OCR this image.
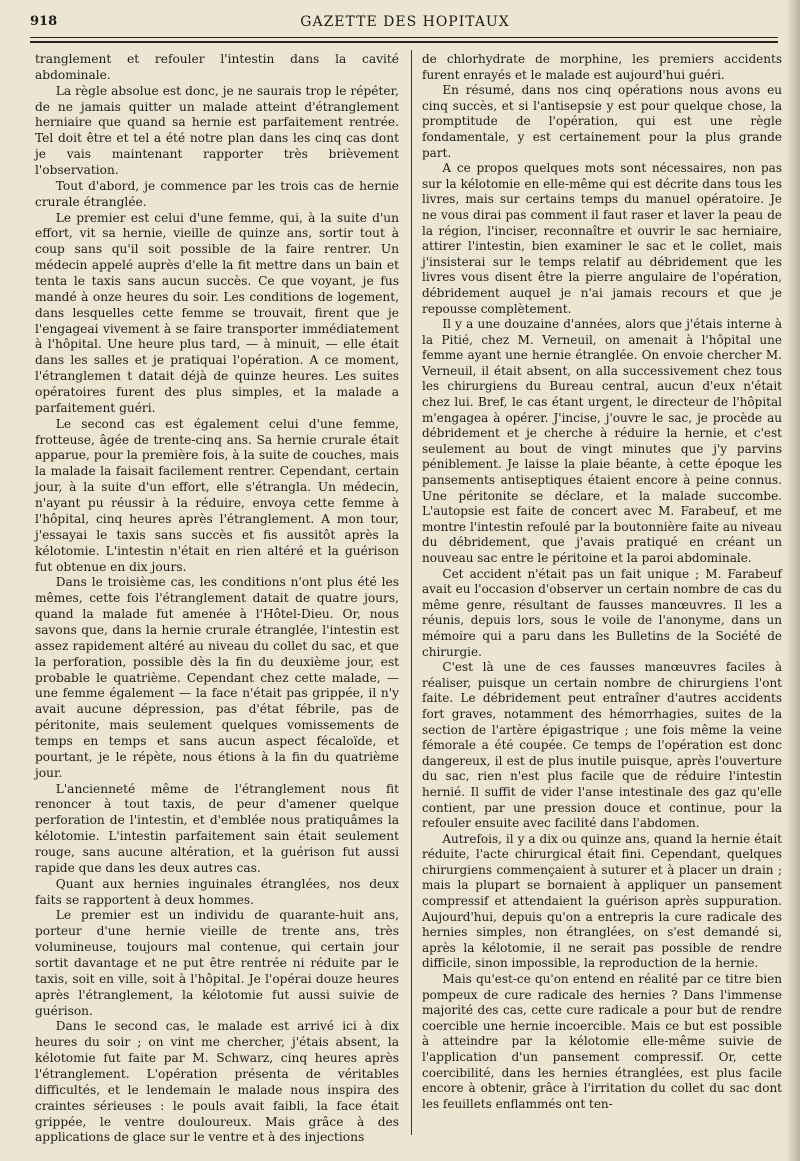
918	GAZETTE DES HOPITAUX

tranglement et refouler l'intestin dans la cavité abdominale.

La règle absolue est donc, je ne saurais trop le répéter, de ne jamais quitter un malade atteint d'étranglement herniaire que quand sa hernie est parfaitement rentrée. Tel doit être et tel a été notre plan dans les cinq cas dont je vais maintenant rapporter très brièvement l'observation.

Tout d'abord, je commence par les trois cas de hernie crurale étranglée.

Le premier est celui d'une femme, qui, à la suite d'un effort, vit sa hernie, vieille de quinze ans, sortir tout à coup sans qu'il soit possible de la faire rentrer. Un médecin appelé auprès d'elle la fit mettre dans un bain et tenta le taxis sans aucun succès. Ce que voyant, je fus mandé à onze heures du soir. Les conditions de logement, dans lesquelles cette femme se trouvait, firent que je l'engageai vivement à se faire transporter immédiatement à l'hôpital. Une heure plus tard, — à minuit, — elle était dans les salles et je pratiquai l'opération. A ce moment, l'étranglemen t datait déjà de quinze heures. Les suites opératoires furent des plus simples, et la malade a parfaitement guéri.

Le second cas est également celui d'une femme, frotteuse, âgée de trente-cinq ans. Sa hernie crurale était apparue, pour la première fois, à la suite de couches, mais la malade la faisait facilement rentrer. Cependant, certain jour, à la suite d'un effort, elle s'étrangla. Un médecin, n'ayant pu réussir à la réduire, envoya cette femme à l'hôpital, cinq heures après l'étranglement. A mon tour, j'essayai le taxis sans succès et fis aussitôt après la kélotomie. L'intestin n'était en rien altéré et la guérison fut obtenue en dix jours.

Dans le troisième cas, les conditions n'ont plus été les mêmes, cette fois l'étranglement datait de quatre jours, quand la malade fut amenée à l'Hôtel-Dieu. Or, nous savons que, dans la hernie crurale étranglée, l'intestin est assez rapidement altéré au niveau du collet du sac, et que la perforation, possible dès la fin du deuxième jour, est probable le quatrième. Cependant chez cette malade, — une femme également — la face n'était pas grippée, il n'y avait aucune dépression, pas d'état fébrile, pas de péritonite, mais seulement quelques vomissements de temps en temps et sans aucun aspect fécaloïde, et pourtant, je le répète, nous étions à la fin du quatrième jour.

L'ancienneté même de l'étranglement nous fit renoncer à tout taxis, de peur d'amener quelque perforation de l'intestin, et d'emblée nous pratiquâmes la kélotomie. L'intestin parfaitement sain était seulement rouge, sans aucune altération, et la guérison fut aussi rapide que dans les deux autres cas.

Quant aux hernies inguinales étranglées, nos deux faits se rapportent à deux hommes.

Le premier est un individu de quarante-huit ans, porteur d'une hernie vieille de trente ans, très volumineuse, toujours mal contenue, qui certain jour sortit davantage et ne put être rentrée ni réduite par le taxis, soit en ville, soit à l'hôpital. Je l'opérai douze heures après l'étranglement, la kélotomie fut aussi suivie de guérison.

Dans le second cas, le malade est arrivé ici à dix heures du soir ; on vint me chercher, j'étais absent, la kélotomie fut faite par M. Schwarz, cinq heures après l'étranglement. L'opération présenta de véritables difficultés, et le lendemain le malade nous inspira des craintes sérieuses : le pouls avait faibli, la face était grippée, le ventre douloureux. Mais grâce à des applications de glace sur le ventre et à des injections

de chlorhydrate de morphine, les premiers accidents furent enrayés et le malade est aujourd'hui guéri.

En résumé, dans nos cinq opérations nous avons eu cinq succès, et si l'antisepsie y est pour quelque chose, la promptitude de l'opération, qui est une règle fondamentale, y est certainement pour la plus grande part.

A ce propos quelques mots sont nécessaires, non pas sur la kélotomie en elle-même qui est décrite dans tous les livres, mais sur certains temps du manuel opératoire. Je ne vous dirai pas comment il faut raser et laver la peau de la région, l'inciser, reconnaître et ouvrir le sac herniaire, attirer l'intestin, bien examiner le sac et le collet, mais j'insisterai sur le temps relatif au débridement que les livres vous disent être la pierre angulaire de l'opération, débridement auquel je n'ai jamais recours et que je repousse complètement.

Il y a une douzaine d'années, alors que j'étais interne à la Pitié, chez M. Verneuil, on amenait à l'hôpital une femme ayant une hernie étranglée. On envoie chercher M. Verneuil, il était absent, on alla successivement chez tous les chirurgiens du Bureau central, aucun d'eux n'était chez lui. Bref, le cas étant urgent, le directeur de l'hôpital m'engagea à opérer. J'incise, j'ouvre le sac, je procède au débridement et je cherche à réduire la hernie, et c'est seulement au bout de vingt minutes que j'y parvins péniblement. Je laisse la plaie béante, à cette époque les pansements antiseptiques étaient encore à peine connus. Une péritonite se déclare, et la malade succombe. L'autopsie est faite de concert avec M. Farabeuf, et me montre l'intestin refoulé par la boutonnière faite au niveau du débridement, que j'avais pratiqué en créant un nouveau sac entre le péritoine et la paroi abdominale.

Cet accident n'était pas un fait unique ; M. Farabeuf avait eu l'occasion d'observer un certain nombre de cas du même genre, résultant de fausses manœuvres. Il les a réunis, depuis lors, sous le voile de l'anonyme, dans un mémoire qui a paru dans les Bulletins de la Société de chirurgie.

C'est là une de ces fausses manœuvres faciles à réaliser, puisque un certain nombre de chirurgiens l'ont faite. Le débridement peut entraîner d'autres accidents fort graves, notamment des hémorrhagies, suites de la section de l'artère épigastrique ; une fois même la veine fémorale a été coupée. Ce temps de l'opération est donc dangereux, il est de plus inutile puisque, après l'ouverture du sac, rien n'est plus facile que de réduire l'intestin hernié. Il suffit de vider l'anse intestinale des gaz qu'elle contient, par une pression douce et continue, pour la refouler ensuite avec facilité dans l'abdomen.

Autrefois, il y a dix ou quinze ans, quand la hernie était réduite, l'acte chirurgical était fini. Cependant, quelques chirurgiens commençaient à suturer et à placer un drain ; mais la plupart se bornaient à appliquer un pansement compressif et attendaient la guérison après suppuration. Aujourd'hui, depuis qu'on a entrepris la cure radicale des hernies simples, non étranglées, on s'est demandé si, après la kélotomie, il ne serait pas possible de rendre difficile, sinon impossible, la reproduction de la hernie.

Mais qu'est-ce qu'on entend en réalité par ce titre bien pompeux de cure radicale des hernies ? Dans l'immense majorité des cas, cette cure radicale a pour but de rendre coercible une hernie incoercible. Mais ce but est possible à atteindre par la kélotomie elle-même suivie de l'application d'un pansement compressif. Or, cette coercibilité, dans les hernies étranglées, est plus facile encore à obtenir, grâce à l'irritation du collet du sac dont les feuillets enflammés ont ten-
